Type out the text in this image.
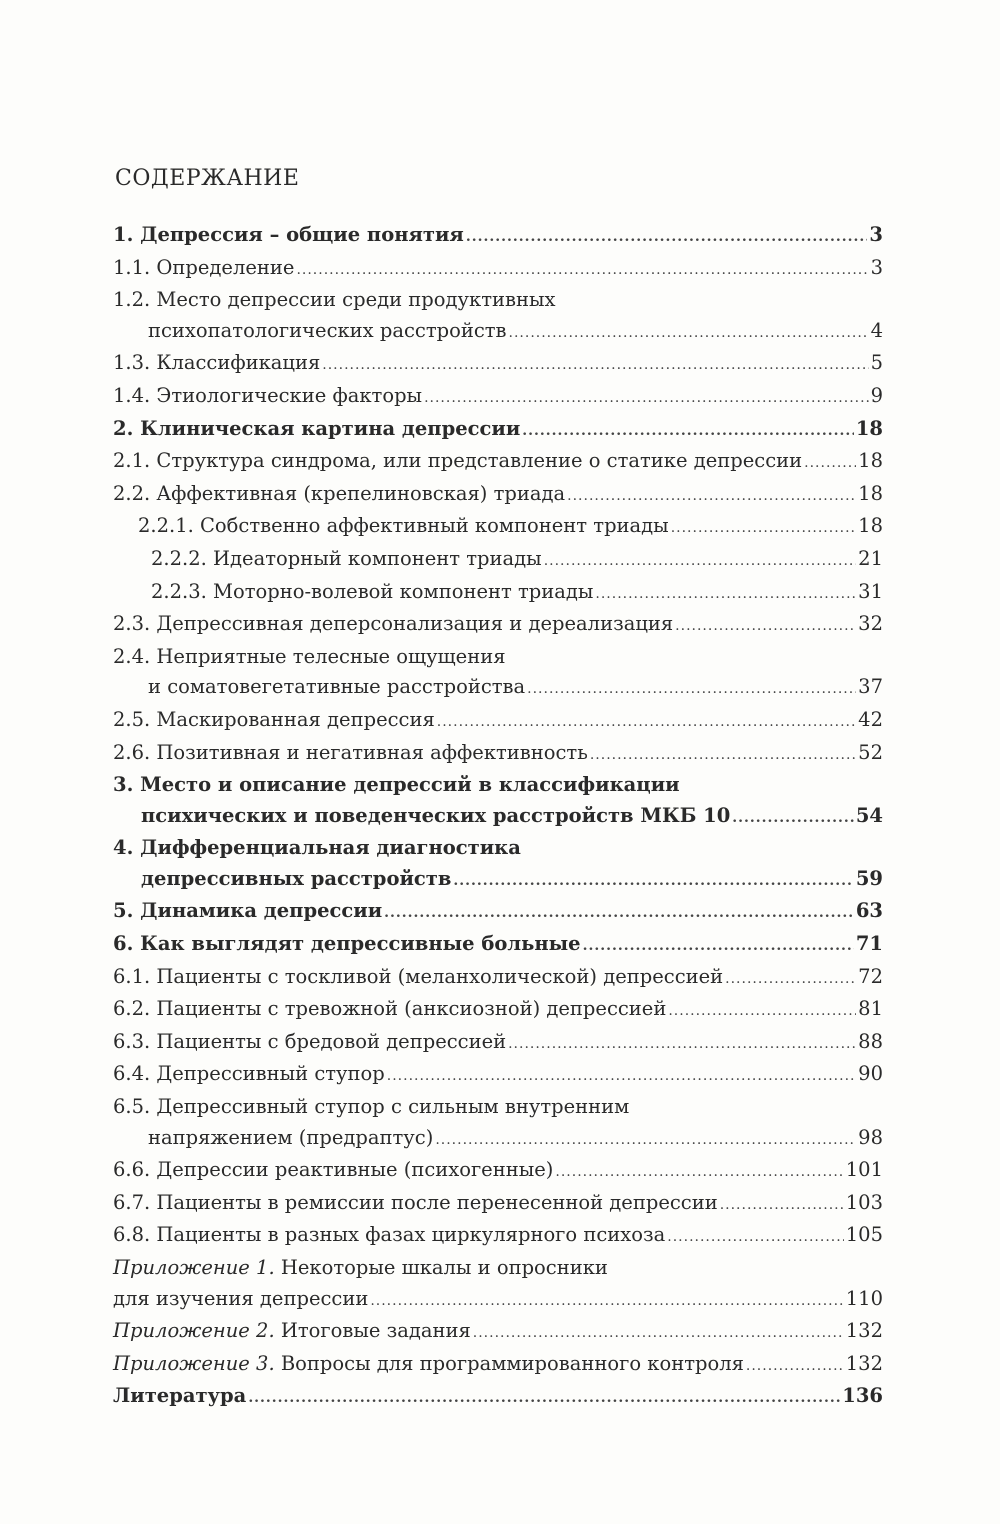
СОДЕРЖАНИЕ
1. Депрессия – общие понятия .....	3
1.1. Определение .....	3
1.2. Место депрессии среди продуктивных
психопатологических расстройств .....	4
1.3. Классификация .....	5
1.4. Этиологические факторы .....	9
2. Клиническая картина депрессии .....	18
2.1. Структура синдрома, или представление о статике депрессии .....	18
2.2. Аффективная (крепелиновская) триада .....	18
2.2.1. Собственно аффективный компонент триады .....	18
2.2.2. Идеаторный компонент триады .....	21
2.2.3. Моторно-волевой компонент триады .....	31
2.3. Депрессивная деперсонализация и дереализация .....	32
2.4. Неприятные телесные ощущения
и соматовегетативные расстройства .....	37
2.5. Маскированная депрессия .....	42
2.6. Позитивная и негативная аффективность .....	52
3. Место и описание депрессий в классификации
психических и поведенческих расстройств МКБ 10 .....	54
4. Дифференциальная диагностика
депрессивных расстройств .....	59
5. Динамика депрессии .....	63
6. Как выглядят депрессивные больные .....	71
6.1. Пациенты с тоскливой (меланхолической) депрессией .....	72
6.2. Пациенты с тревожной (анксиозной) депрессией .....	81
6.3. Пациенты с бредовой депрессией .....	88
6.4. Депрессивный ступор .....	90
6.5. Депрессивный ступор с сильным внутренним
напряжением (предраптус) .....	98
6.6. Депрессии реактивные (психогенные) .....	101
6.7. Пациенты в ремиссии после перенесенной депрессии .....	103
6.8. Пациенты в разных фазах циркулярного психоза .....	105
Приложение 1. Некоторые шкалы и опросники
для изучения депрессии .....	110
Приложение 2. Итоговые задания .....	132
Приложение 3. Вопросы для программированного контроля .....	132
Литература .....	136
